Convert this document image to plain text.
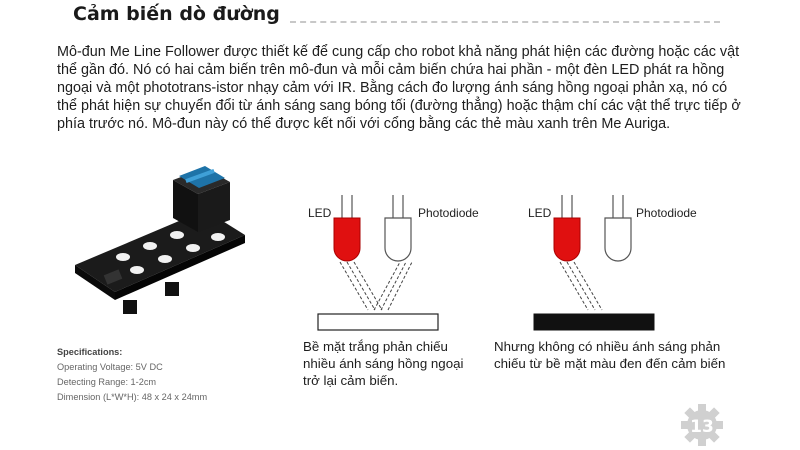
Cảm biến dò đường
Mô-đun Me Line Follower được thiết kế để cung cấp cho robot khả năng phát hiện các đường hoặc các vật thể gần đó. Nó có hai cảm biến trên mô-đun và mỗi cảm biến chứa hai phần - một đèn LED phát ra hồng ngoại và một phototrans-istor nhạy cảm với IR. Bằng cách đo lượng ánh sáng hồng ngoại phản xạ, nó có thể phát hiện sự chuyển đổi từ ánh sáng sang bóng tối (đường thẳng) hoặc thậm chí các vật thể trực tiếp ở phía trước nó. Mô-đun này có thể được kết nối với cổng bằng các thẻ màu xanh trên Me Auriga.
Specifications:
Operating Voltage: 5V DC
Detecting Range: 1-2cm
Dimension (L*W*H): 48 x 24 x 24mm
LED	Photodiode
Bề mặt trắng phản chiếu
nhiều ánh sáng hồng ngoại
trở lại cảm biến.
LED	Photodiode
Nhưng không có nhiều ánh sáng phản
chiếu từ bề mặt màu đen đến cảm biến
13
